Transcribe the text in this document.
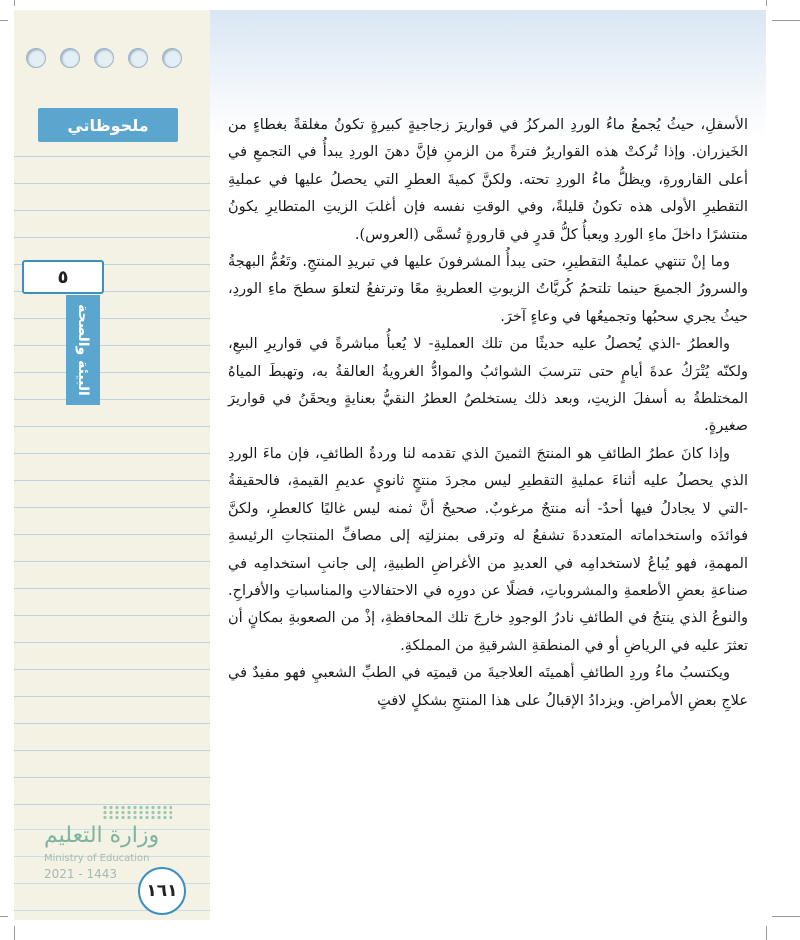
ملحوظاتي
٥
البيئة والصحة
وزارة التعليم
Ministry of Education
2021 - 1443
١٦١

الأسفلِ، حيثُ يُجمعُ ماءُ الوردِ المركزُ في قواريرَ زجاجيةٍ كبيرةٍ تكونُ مغلقةً بغطاءٍ من الخَيزران. وإذا تُركتْ هذه القواريرُ فترةً من الزمنِ فإنَّ دهنَ الوردِ يبدأُ في التجمعِ في أعلى القارورةِ، ويظلُّ ماءُ الوردِ تحته. ولكنَّ كميةَ العطرِ التي يحصلُ عليها في عمليةِ التقطيرِ الأولى هذه تكونُ قليلةً، وفي الوقتِ نفسه فإن أغلبَ الزيتِ المتطايرِ يكونُ منتشرًا داخلَ ماءِ الوردِ ويعبأُ كلُّ قدرٍ في قارورةٍ تُسمَّى (العروس).

وما إنْ تنتهي عمليةُ التقطيرِ، حتى يبدأُ المشرفونَ عليها في تبريدِ المنتجِ. وتَعُمُّ البهجةُ والسرورُ الجميعَ حينما تلتحمُ كُريَّاتُ الزيوتِ العطريةِ معًا وترتفعُ لتعلوَ سطحَ ماءِ الوردِ، حيثُ يجري سحبُها وتجميعُها في وعاءٍ آخرَ.

والعطرُ -الذي يُحصلُ عليه حديثًا من تلك العمليةِ- لا يُعبأُ مباشرةً في قواريرِ البيعِ، ولكنّه يُتْرَكُ عدةَ أيامٍ حتى تترسبَ الشوائبُ والموادُّ الغرويةُ العالقةُ به، وتهبطَ المياهُ المختلطةُ به أسفلَ الزيتِ، وبعد ذلك يستخلصُ العطرُ النقيُّ بعنايةٍ ويحقَنُ في قواريرَ صغيرةٍ.

وإذا كانَ عطرُ الطائفِ هو المنتجَ الثمينَ الذي تقدمه لنا وردةُ الطائفِ، فإن ماءَ الوردِ الذي يحصلُ عليه أثناءَ عمليةِ التقطيرِ ليس مجردَ منتجٍ ثانويٍ عديمِ القيمةِ، فالحقيقةُ -التي لا يجادلُ فيها أحدٌ- أنه منتجٌ مرغوبٌ. صحيحٌ أنَّ ثمنه ليس غاليًا كالعطرِ، ولكنَّ فوائدَه واستخداماته المتعددةَ تشفعُ له وترقى بمنزلتِه إلى مصافِّ المنتجاتِ الرئيسةِ المهمةِ، فهو يُباعُ لاستخدامِه في العديدِ من الأغراضِ الطبيةِ، إلى جانبِ استخدامِه في صناعةِ بعضِ الأطعمةِ والمشروباتِ، فضلًا عن دورِه في الاحتفالاتِ والمناسباتِ والأفراحِ. والنوعُ الذي ينتجُ في الطائفِ نادرُ الوجودِ خارجَ تلك المحافظةِ، إذْ من الصعوبةِ بمكانٍ أن تعثرَ عليه في الرياضِ أو في المنطقةِ الشرقيةِ من المملكةِ.

ويكتسبُ ماءُ وردِ الطائفِ أهميتَه العلاجيةَ من قيمتِه في الطبِّ الشعبيِ فهو مفيدٌ في علاجِ بعضِ الأمراضِ. ويزدادُ الإقبالُ على هذا المنتجِ بشكلٍ لافتٍ
